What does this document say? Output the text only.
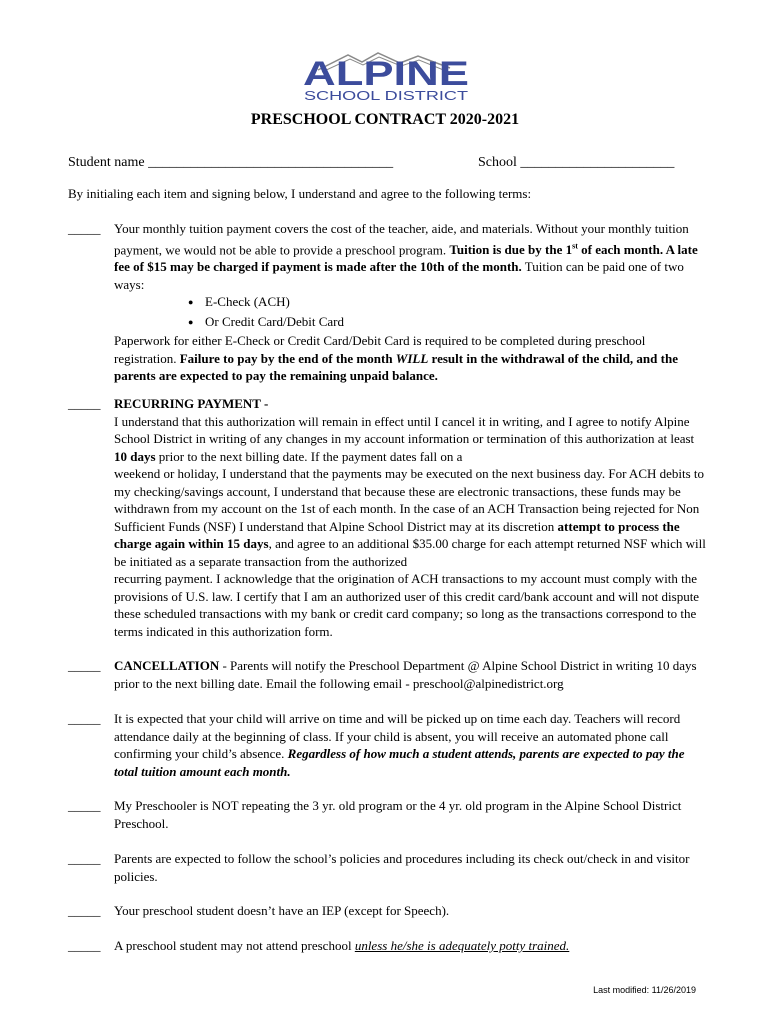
ALPINE
SCHOOL DISTRICT
PRESCHOOL CONTRACT 2020-2021
Student name ___________________________________	School ______________________
By initialing each item and signing below, I understand and agree to the following terms:
_____	Your monthly tuition payment covers the cost of the teacher, aide, and materials. Without your monthly tuition payment, we would not be able to provide a preschool program. Tuition is due by the 1st of each month. A late fee of $15 may be charged if payment is made after the 10th of the month. Tuition can be paid one of two ways:

● E-Check (ACH)
● Or Credit Card/Debit Card

Paperwork for either E-Check or Credit Card/Debit Card is required to be completed during preschool registration. Failure to pay by the end of the month WILL result in the withdrawal of the child, and the parents are expected to pay the remaining unpaid balance.

_____	RECURRING PAYMENT -

I understand that this authorization will remain in effect until I cancel it in writing, and I agree to notify Alpine School District in writing of any changes in my account information or termination of this authorization at least 10 days prior to the next billing date. If the payment dates fall on a

weekend or holiday, I understand that the payments may be executed on the next business day. For ACH debits to my checking/savings account, I understand that because these are electronic transactions, these funds may be withdrawn from my account on the 1st of each month. In the case of an ACH Transaction being rejected for Non Sufficient Funds (NSF) I understand that Alpine School District may at its discretion attempt to process the charge again within 15 days, and agree to an additional $35.00 charge for each attempt returned NSF which will be initiated as a separate transaction from the authorized

recurring payment. I acknowledge that the origination of ACH transactions to my account must comply with the provisions of U.S. law. I certify that I am an authorized user of this credit card/bank account and will not dispute these scheduled transactions with my bank or credit card company; so long as the transactions correspond to the terms indicated in this authorization form.

_____	CANCELLATION - Parents will notify the Preschool Department @ Alpine School District in writing 10 days prior to the next billing date. Email the following email - preschool@alpinedistrict.org

_____	It is expected that your child will arrive on time and will be picked up on time each day. Teachers will record attendance daily at the beginning of class. If your child is absent, you will receive an automated phone call confirming your child’s absence. Regardless of how much a student attends, parents are expected to pay the total tuition amount each month.

_____	My Preschooler is NOT repeating the 3 yr. old program or the 4 yr. old program in the Alpine School District Preschool.
_____	Parents are expected to follow the school’s policies and procedures including its check out/check in and visitor policies.
_____	Your preschool student doesn’t have an IEP (except for Speech).
_____	A preschool student may not attend preschool unless he/she is adequately potty trained.
Last modified: 11/26/2019
